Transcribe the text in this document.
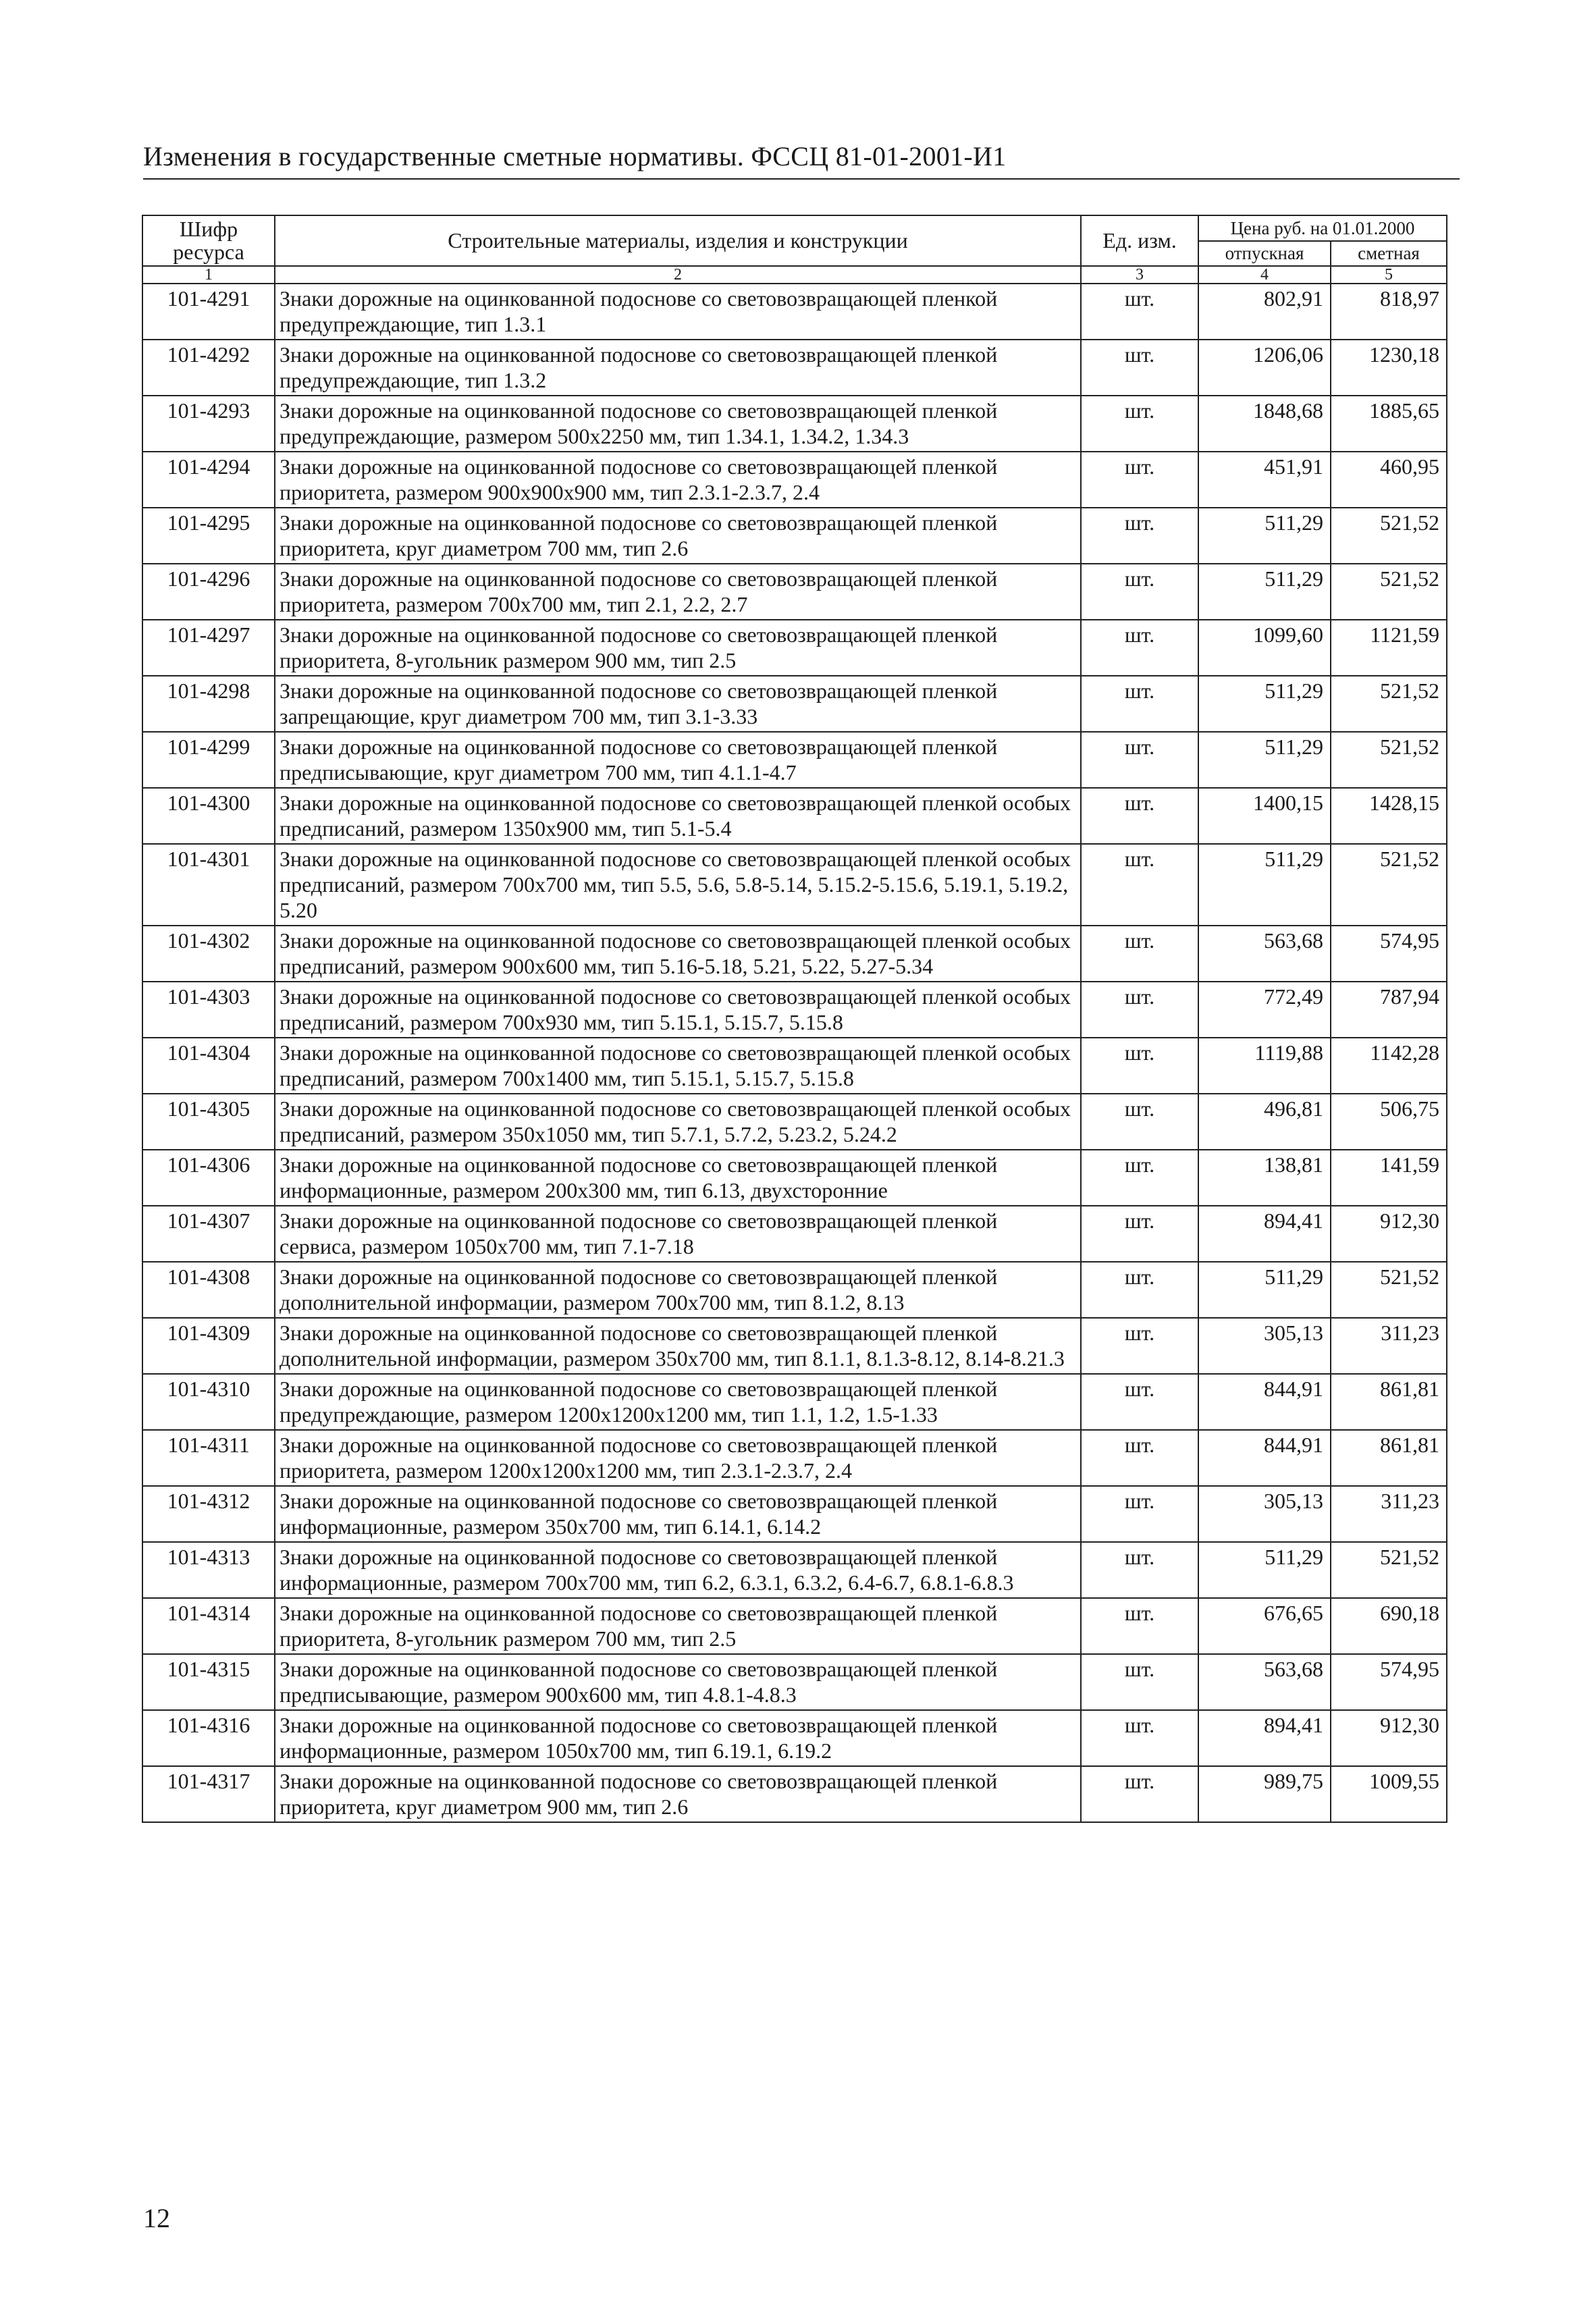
Изменения в государственные сметные нормативы. ФССЦ 81-01-2001-И1
Шифр ресурса	Строительные материалы, изделия и конструкции	Ед. изм.	Цена руб. на 01.01.2000	
			отпускная	сметная
1	2	3	4	5
101-4291	Знаки дорожные на оцинкованной подоснове со световозвращающей пленкой предупреждающие, тип 1.3.1	шт.	802,91	818,97
101-4292	Знаки дорожные на оцинкованной подоснове со световозвращающей пленкой предупреждающие, тип 1.3.2	шт.	1206,06	1230,18
101-4293	Знаки дорожные на оцинкованной подоснове со световозвращающей пленкой предупреждающие, размером 500x2250 мм, тип 1.34.1, 1.34.2, 1.34.3	шт.	1848,68	1885,65
101-4294	Знаки дорожные на оцинкованной подоснове со световозвращающей пленкой приоритета, размером 900x900x900 мм, тип 2.3.1-2.3.7, 2.4	шт.	451,91	460,95
101-4295	Знаки дорожные на оцинкованной подоснове со световозвращающей пленкой приоритета, круг диаметром 700 мм, тип 2.6	шт.	511,29	521,52
101-4296	Знаки дорожные на оцинкованной подоснове со световозвращающей пленкой приоритета, размером 700x700 мм, тип 2.1, 2.2, 2.7	шт.	511,29	521,52
101-4297	Знаки дорожные на оцинкованной подоснове со световозвращающей пленкой приоритета, 8-угольник размером 900 мм, тип 2.5	шт.	1099,60	1121,59
101-4298	Знаки дорожные на оцинкованной подоснове со световозвращающей пленкой запрещающие, круг диаметром 700 мм, тип 3.1-3.33	шт.	511,29	521,52
101-4299	Знаки дорожные на оцинкованной подоснове со световозвращающей пленкой предписывающие, круг диаметром 700 мм, тип 4.1.1-4.7	шт.	511,29	521,52
101-4300	Знаки дорожные на оцинкованной подоснове со световозвращающей пленкой особых предписаний, размером 1350x900 мм, тип 5.1-5.4	шт.	1400,15	1428,15
101-4301	Знаки дорожные на оцинкованной подоснове со световозвращающей пленкой особых предписаний, размером 700x700 мм, тип 5.5, 5.6, 5.8-5.14, 5.15.2-5.15.6, 5.19.1, 5.19.2, 5.20	шт.	511,29	521,52
101-4302	Знаки дорожные на оцинкованной подоснове со световозвращающей пленкой особых предписаний, размером 900x600 мм, тип 5.16-5.18, 5.21, 5.22, 5.27-5.34	шт.	563,68	574,95
101-4303	Знаки дорожные на оцинкованной подоснове со световозвращающей пленкой особых предписаний, размером 700x930 мм, тип 5.15.1, 5.15.7, 5.15.8	шт.	772,49	787,94
101-4304	Знаки дорожные на оцинкованной подоснове со световозвращающей пленкой особых предписаний, размером 700x1400 мм, тип 5.15.1, 5.15.7, 5.15.8	шт.	1119,88	1142,28
101-4305	Знаки дорожные на оцинкованной подоснове со световозвращающей пленкой особых предписаний, размером 350x1050 мм, тип 5.7.1, 5.7.2, 5.23.2, 5.24.2	шт.	496,81	506,75
101-4306	Знаки дорожные на оцинкованной подоснове со световозвращающей пленкой информационные, размером 200x300 мм, тип 6.13, двухсторонние	шт.	138,81	141,59
101-4307	Знаки дорожные на оцинкованной подоснове со световозвращающей пленкой сервиса, размером 1050x700 мм, тип 7.1-7.18	шт.	894,41	912,30
101-4308	Знаки дорожные на оцинкованной подоснове со световозвращающей пленкой дополнительной информации, размером 700x700 мм, тип 8.1.2, 8.13	шт.	511,29	521,52
101-4309	Знаки дорожные на оцинкованной подоснове со световозвращающей пленкой дополнительной информации, размером 350x700 мм, тип 8.1.1, 8.1.3-8.12, 8.14-8.21.3	шт.	305,13	311,23
101-4310	Знаки дорожные на оцинкованной подоснове со световозвращающей пленкой предупреждающие, размером 1200x1200x1200 мм, тип 1.1, 1.2, 1.5-1.33	шт.	844,91	861,81
101-4311	Знаки дорожные на оцинкованной подоснове со световозвращающей пленкой приоритета, размером 1200x1200x1200 мм, тип 2.3.1-2.3.7, 2.4	шт.	844,91	861,81
101-4312	Знаки дорожные на оцинкованной подоснове со световозвращающей пленкой информационные, размером 350x700 мм, тип 6.14.1, 6.14.2	шт.	305,13	311,23
101-4313	Знаки дорожные на оцинкованной подоснове со световозвращающей пленкой информационные, размером 700x700 мм, тип 6.2, 6.3.1, 6.3.2, 6.4-6.7, 6.8.1-6.8.3	шт.	511,29	521,52
101-4314	Знаки дорожные на оцинкованной подоснове со световозвращающей пленкой приоритета, 8-угольник размером 700 мм, тип 2.5	шт.	676,65	690,18
101-4315	Знаки дорожные на оцинкованной подоснове со световозвращающей пленкой предписывающие, размером 900x600 мм, тип 4.8.1-4.8.3	шт.	563,68	574,95
101-4316	Знаки дорожные на оцинкованной подоснове со световозвращающей пленкой информационные, размером 1050x700 мм, тип 6.19.1, 6.19.2	шт.	894,41	912,30
101-4317	Знаки дорожные на оцинкованной подоснове со световозвращающей пленкой приоритета, круг диаметром 900 мм, тип 2.6	шт.	989,75	1009,55
12
